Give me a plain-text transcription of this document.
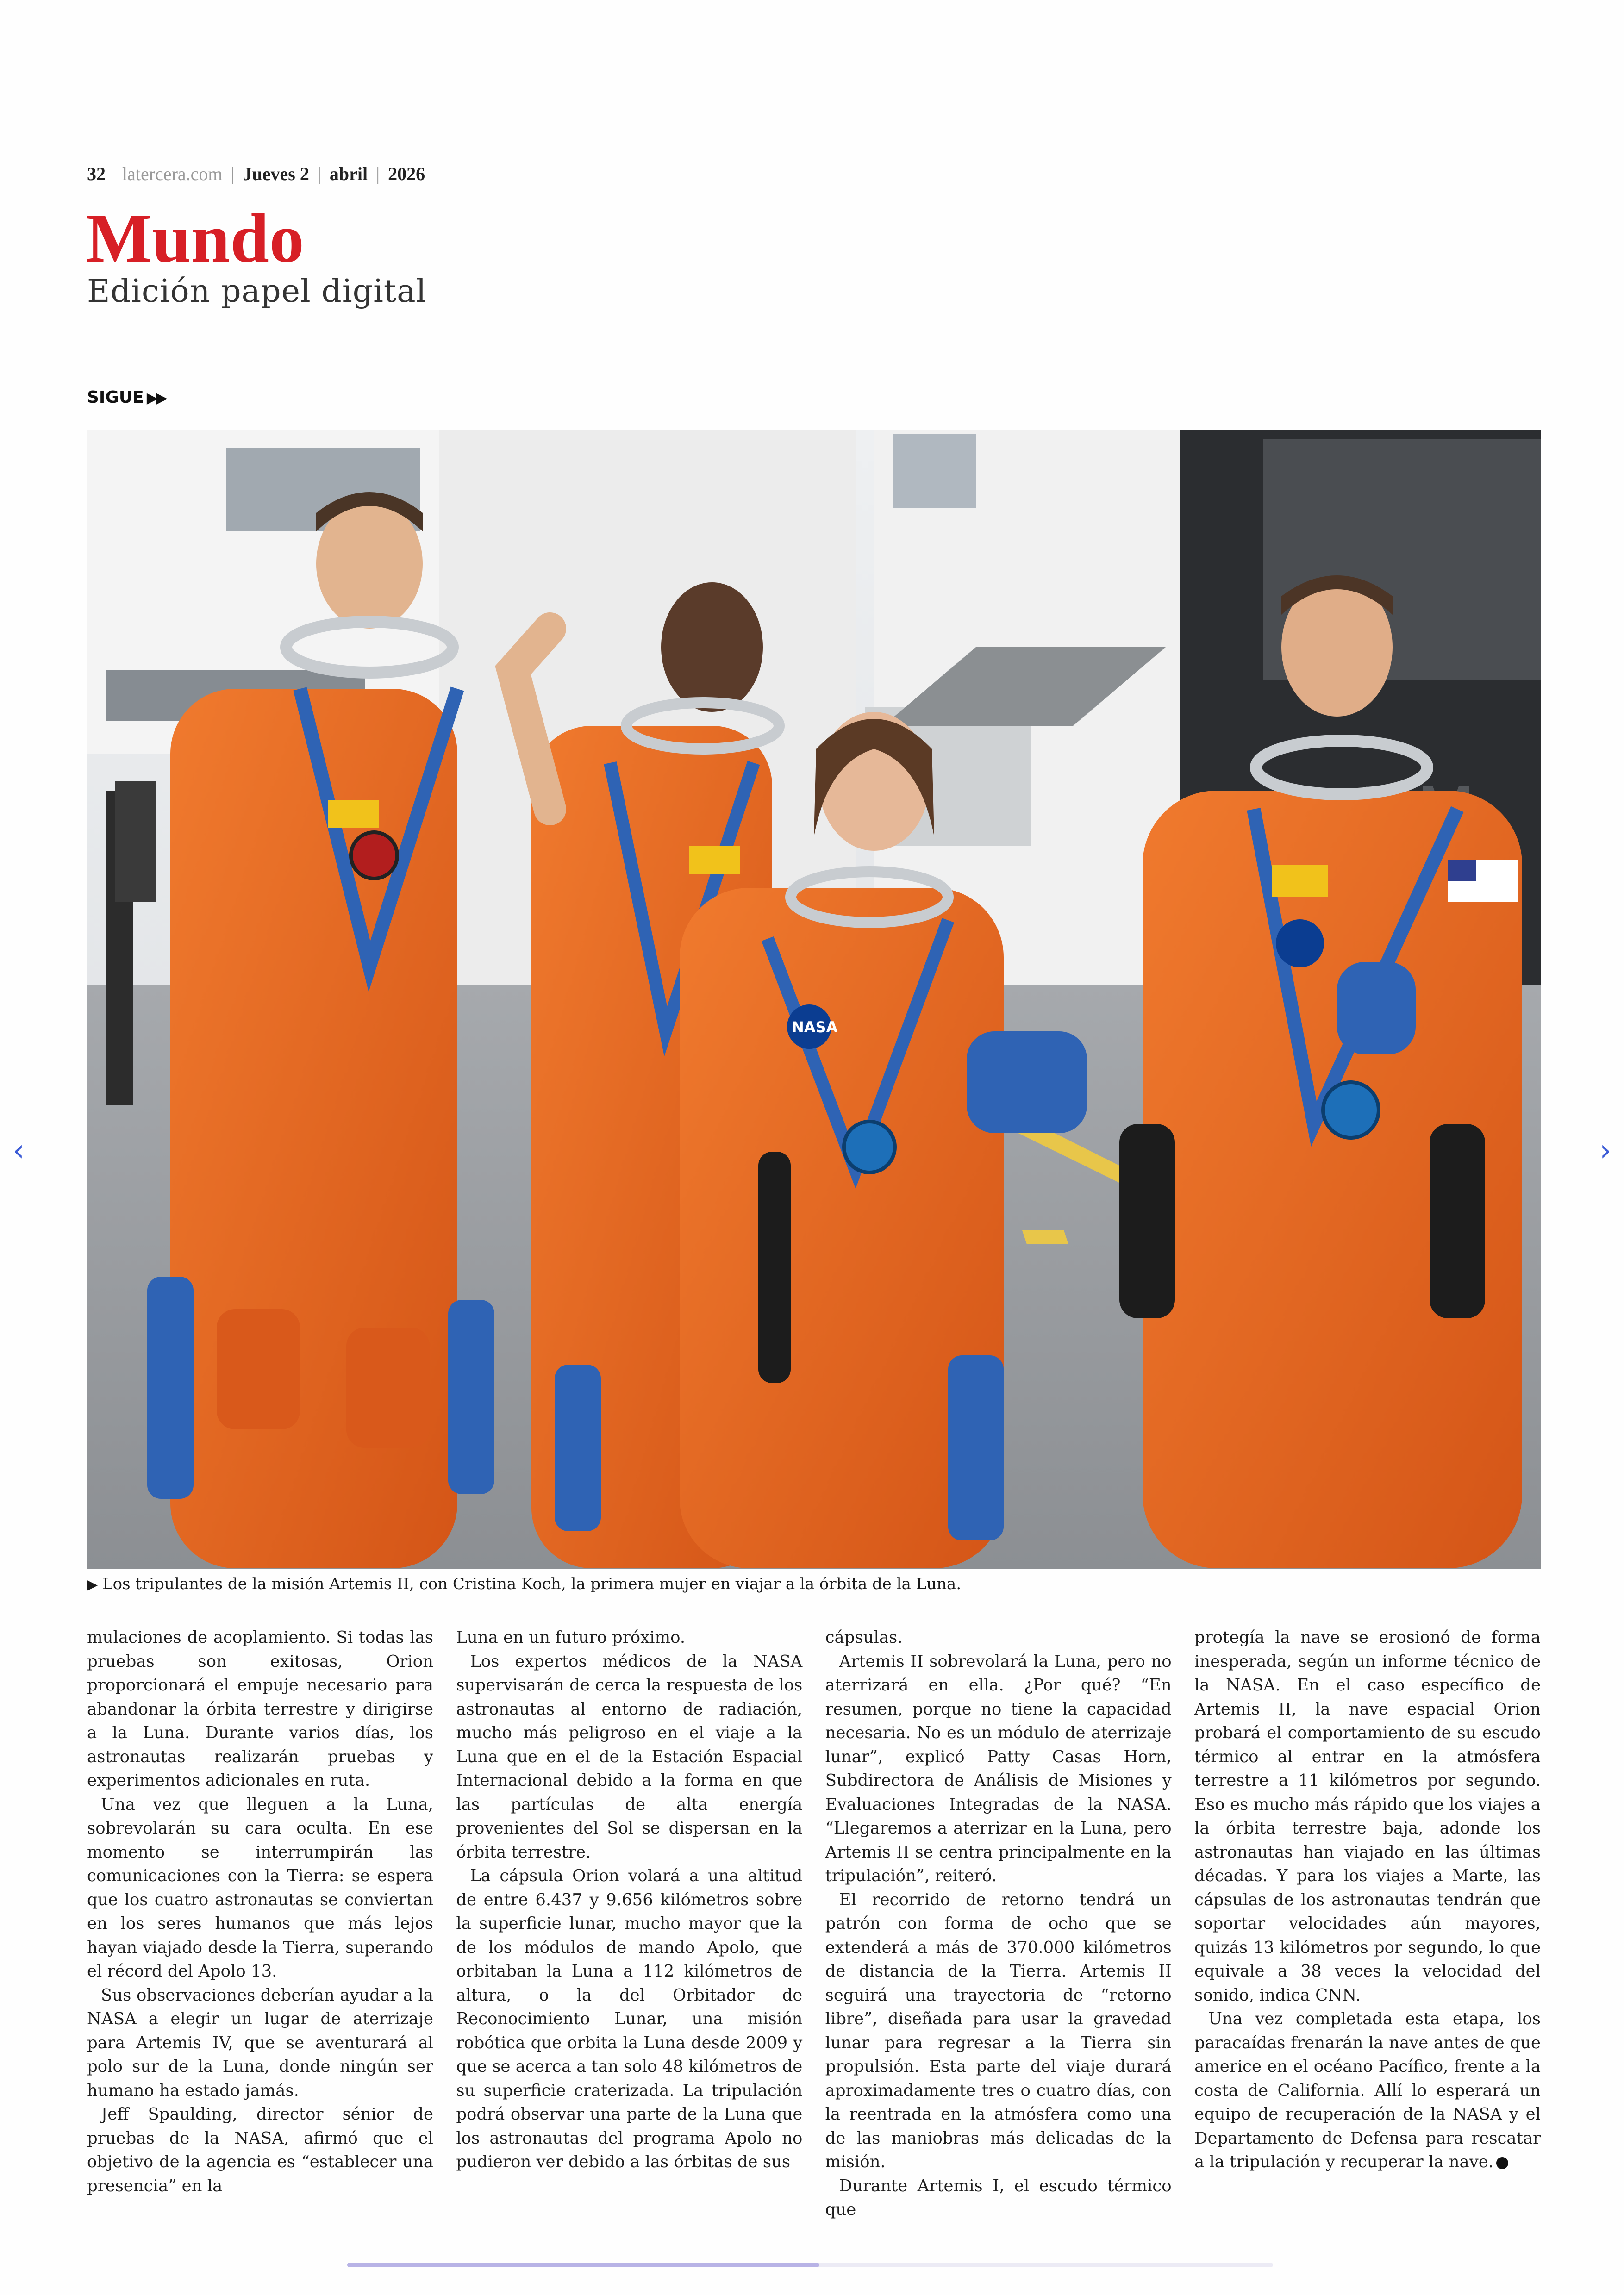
32 latercera.com | Jueves 2 | abril | 2026
Mundo
Edición papel digital
SIGUE ▶▶
NASA
‹	›
▶ Los tripulantes de la misión Artemis II, con Cristina Koch, la primera mujer en viajar a la órbita de la Luna.

mulaciones de acoplamiento. Si todas las pruebas son exitosas, Orion proporcionará el empuje necesario para abandonar la órbita terrestre y dirigirse a la Luna. Durante varios días, los astronautas realizarán pruebas y experimentos adicionales en ruta.

Una vez que lleguen a la Luna, sobrevolarán su cara oculta. En ese momento se interrumpirán las comunicaciones con la Tierra: se espera que los cuatro astronautas se conviertan en los seres humanos que más lejos hayan viajado desde la Tierra, superando el récord del Apolo 13.

Sus observaciones deberían ayudar a la NASA a elegir un lugar de aterrizaje para Artemis IV, que se aventurará al polo sur de la Luna, donde ningún ser humano ha estado jamás.

Jeff Spaulding, director sénior de pruebas de la NASA, afirmó que el objetivo de la agencia es “establecer una presencia” en la

Luna en un futuro próximo.

Los expertos médicos de la NASA supervisarán de cerca la respuesta de los astronautas al entorno de radiación, mucho más peligroso en el viaje a la Luna que en el de la Estación Espacial Internacional debido a la forma en que las partículas de alta energía provenientes del Sol se dispersan en la órbita terrestre.

La cápsula Orion volará a una altitud de entre 6.437 y 9.656 kilómetros sobre la superficie lunar, mucho mayor que la de los módulos de mando Apolo, que orbitaban la Luna a 112 kilómetros de altura, o la del Orbitador de Reconocimiento Lunar, una misión robótica que orbita la Luna desde 2009 y que se acerca a tan solo 48 kilómetros de su superficie craterizada. La tripulación podrá observar una parte de la Luna que los astronautas del programa Apolo no pudieron ver debido a las órbitas de sus

cápsulas.

Artemis II sobrevolará la Luna, pero no aterrizará en ella. ¿Por qué? “En resumen, porque no tiene la capacidad necesaria. No es un módulo de aterrizaje lunar”, explicó Patty Casas Horn, Subdirectora de Análisis de Misiones y Evaluaciones Integradas de la NASA. “Llegaremos a aterrizar en la Luna, pero Artemis II se centra principalmente en la tripulación”, reiteró.

El recorrido de retorno tendrá un patrón con forma de ocho que se extenderá a más de 370.000 kilómetros de distancia de la Tierra. Artemis II seguirá una trayectoria de “retorno libre”, diseñada para usar la gravedad lunar para regresar a la Tierra sin propulsión. Esta parte del viaje durará aproximadamente tres o cuatro días, con la reentrada en la atmósfera como una de las maniobras más delicadas de la misión.

Durante Artemis I, el escudo térmico que

protegía la nave se erosionó de forma inesperada, según un informe técnico de la NASA. En el caso específico de Artemis II, la nave espacial Orion probará el comportamiento de su escudo térmico al entrar en la atmósfera terrestre a 11 kilómetros por segundo. Eso es mucho más rápido que los viajes a la órbita terrestre baja, adonde los astronautas han viajado en las últimas décadas. Y para los viajes a Marte, las cápsulas de los astronautas tendrán que soportar velocidades aún mayores, quizás 13 kilómetros por segundo, lo que equivale a 38 veces la velocidad del sonido, indica CNN.

Una vez completada esta etapa, los paracaídas frenarán la nave antes de que americe en el océano Pacífico, frente a la costa de California. Allí lo esperará un equipo de recuperación de la NASA y el Departamento de Defensa para rescatar a la tripulación y recuperar la nave.
